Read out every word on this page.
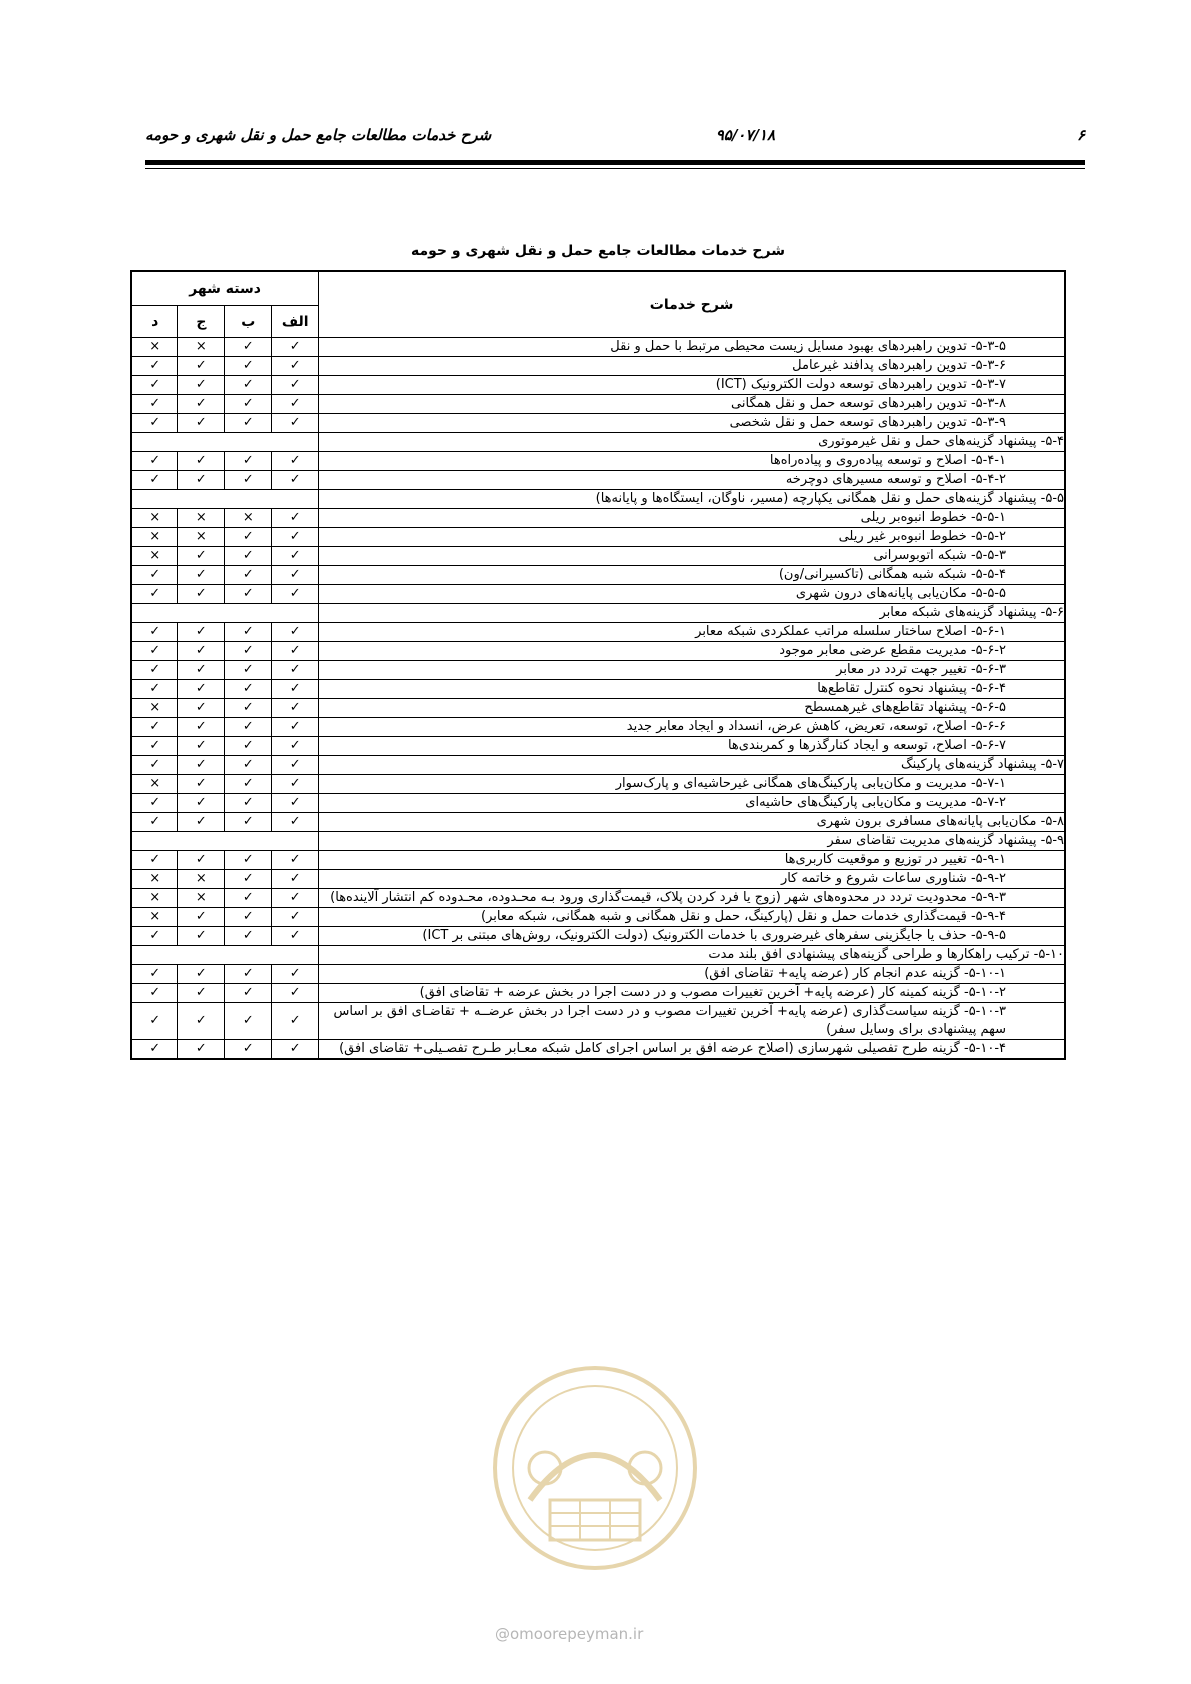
۶
۹۵/۰۷/۱۸
شرح خدمات مطالعات جامع حمل و نقل شهری و حومه
شرح خدمات مطالعات جامع حمل و نقل شهری و حومه
شرح خدمات	دسته شهر			
	الف	ب	ج	د
۵-۳-۵- تدوین راهبردهای بهبود مسایل زیست محیطی مرتبط با حمل و نقل	✓	✓	×	×
۵-۳-۶- تدوین راهبردهای پدافند غیرعامل	✓	✓	✓	✓
۵-۳-۷- تدوین راهبردهای توسعه دولت الکترونیک (ICT)	✓	✓	✓	✓
۵-۳-۸- تدوین راهبردهای توسعه حمل و نقل همگانی	✓	✓	✓	✓
۵-۳-۹- تدوین راهبردهای توسعه حمل و نقل شخصی	✓	✓	✓	✓
۵-۴- پیشنهاد گزینه‌های حمل و نقل غیرموتوری				
۵-۴-۱- اصلاح و توسعه پیاده‌روی و پیاده‌راه‌ها	✓	✓	✓	✓
۵-۴-۲- اصلاح و توسعه مسیرهای دوچرخه	✓	✓	✓	✓
۵-۵- پیشنهاد گزینه‌های حمل و نقل همگانی یکپارچه (مسیر، ناوگان، ایستگاه‌ها و پایانه‌ها)				
۵-۵-۱- خطوط انبوه‌بر ریلی	✓	×	×	×
۵-۵-۲- خطوط انبوه‌بر غیر ریلی	✓	✓	×	×
۵-۵-۳- شبکه اتوبوسرانی	✓	✓	✓	×
۵-۵-۴- شبکه شبه همگانی (تاکسیرانی/ون)	✓	✓	✓	✓
۵-۵-۵- مکان‌یابی پایانه‌های درون شهری	✓	✓	✓	✓
۵-۶- پیشنهاد گزینه‌های شبکه معابر				
۵-۶-۱- اصلاح ساختار سلسله مراتب عملکردی شبکه معابر	✓	✓	✓	✓
۵-۶-۲- مدیریت مقطع عرضی معابر موجود	✓	✓	✓	✓
۵-۶-۳- تغییر جهت تردد در معابر	✓	✓	✓	✓
۵-۶-۴- پیشنهاد نحوه کنترل تقاطع‌ها	✓	✓	✓	✓
۵-۶-۵- پیشنهاد تقاطع‌های غیرهمسطح	✓	✓	✓	×
۵-۶-۶- اصلاح، توسعه، تعریض، کاهش عرض، انسداد و ایجاد معابر جدید	✓	✓	✓	✓
۵-۶-۷- اصلاح، توسعه و ایجاد کنارگذرها و کمربندی‌ها	✓	✓	✓	✓
۵-۷- پیشنهاد گزینه‌های پارکینگ	✓	✓	✓	✓
۵-۷-۱- مدیریت و مکان‌یابی پارکینگ‌های همگانی غیرحاشیه‌ای و پارک‌سوار	✓	✓	✓	×
۵-۷-۲- مدیریت و مکان‌یابی پارکینگ‌های حاشیه‌ای	✓	✓	✓	✓
۵-۸- مکان‌یابی پایانه‌های مسافری برون شهری	✓	✓	✓	✓
۵-۹- پیشنهاد گزینه‌های مدیریت تقاضای سفر				
۵-۹-۱- تغییر در توزیع و موقعیت کاربری‌ها	✓	✓	✓	✓
۵-۹-۲- شناوری ساعات شروع و خاتمه کار	✓	✓	×	×
۵-۹-۳- محدودیت تردد در محدوه‌های شهر (زوج یا فرد کردن پلاک، قیمت‌گذاری ورود بـه محـدوده، محـدوده کم انتشار آلاینده‌ها)	✓	✓	×	×
۵-۹-۴- قیمت‌گذاری خدمات حمل و نقل (پارکینگ، حمل و نقل همگانی و شبه همگانی، شبکه معابر)	✓	✓	✓	×
۵-۹-۵- حذف یا جایگزینی سفرهای غیرضروری با خدمات الکترونیک (دولت الکترونیک، روش‌های مبتنی بر ICT)	✓	✓	✓	✓
۵-۱۰- ترکیب راهکارها و طراحی گزینه‌های پیشنهادی افق بلند مدت				
۵-۱۰-۱- گزینه عدم انجام کار (عرضه پایه+ تقاضای افق)	✓	✓	✓	✓
۵-۱۰-۲- گزینه کمینه کار (عرضه پایه+ آخرین تغییرات مصوب و در دست اجرا در بخش عرضه + تقاضای افق)	✓	✓	✓	✓
۵-۱۰-۳- گزینه سیاست‌گذاری (عرضه پایه+ آخرین تغییرات مصوب و در دست اجرا در بخش عرضــه + تقاضـای افق بر اساس سهم پیشنهادی برای وسایل سفر)	✓	✓	✓	✓
۵-۱۰-۴- گزینه طرح تفصیلی شهرسازی (اصلاح عرضه افق بر اساس اجرای کامل شبکه معـابر طـرح تفصـیلی+ تقاضای افق)	✓	✓	✓	✓
@omoorepeyman.ir
